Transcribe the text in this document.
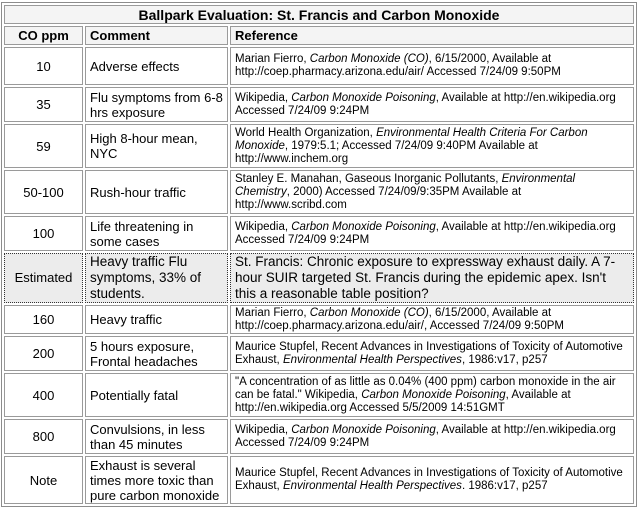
Ballpark Evaluation: St. Francis and Carbon Monoxide		
CO ppm	Comment	Reference
10	Adverse effects	Marian Fierro, Carbon Monoxide (CO), 6/15/2000, Available at http://coep.pharmacy.arizona.edu/air/ Accessed 7/24/09 9:50PM
35	Flu symptoms from 6-8 hrs exposure	Wikipedia, Carbon Monoxide Poisoning, Available at http://en.wikipedia.org Accessed 7/24/09 9:24PM
59	High 8-hour mean, NYC	World Health Organization, Environmental Health Criteria For Carbon Monoxide, 1979:5.1; Accessed 7/24/09 9:40PM Available at http://www.inchem.org
50-100	Rush-hour traffic	Stanley E. Manahan, Gaseous Inorganic Pollutants, Environmental Chemistry, 2000) Accessed 7/24/09/9:35PM Available at http://www.scribd.com
100	Life threatening in some cases	Wikipedia, Carbon Monoxide Poisoning, Available at http://en.wikipedia.org Accessed 7/24/09 9:24PM
Estimated	Heavy traffic Flu symptoms, 33% of students.	St. Francis: Chronic exposure to expressway exhaust daily. A 7-hour SUIR targeted St. Francis during the epidemic apex. Isn't this a reasonable table position?
160	Heavy traffic	Marian Fierro, Carbon Monoxide (CO), 6/15/2000, Available at http://coep.pharmacy.arizona.edu/air/, Accessed 7/24/09 9:50PM
200	5 hours exposure, Frontal headaches	Maurice Stupfel, Recent Advances in Investigations of Toxicity of Automotive Exhaust, Environmental Health Perspectives, 1986:v17, p257
400	Potentially fatal	"A concentration of as little as 0.04% (400 ppm) carbon monoxide in the air can be fatal." Wikipedia, Carbon Monoxide Poisoning, Available at http://en.wikipedia.org Accessed 5/5/2009 14:51GMT
800	Convulsions, in less than 45 minutes	Wikipedia, Carbon Monoxide Poisoning, Available at http://en.wikipedia.org Accessed 7/24/09 9:24PM
Note	Exhaust is several times more toxic than pure carbon monoxide	Maurice Stupfel, Recent Advances in Investigations of Toxicity of Automotive Exhaust, Environmental Health Perspectives. 1986:v17, p257
